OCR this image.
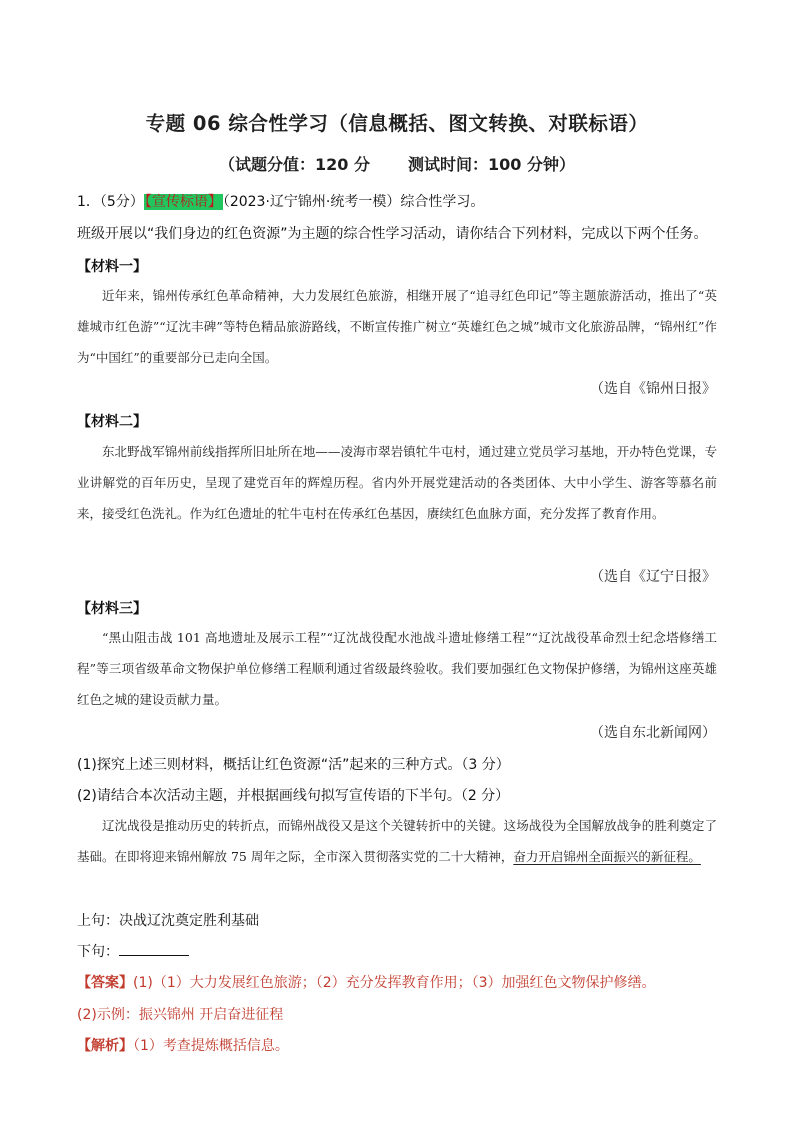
专题 06 综合性学习（信息概括、图文转换、对联标语）
（试题分值：120 分 测试时间：100 分钟）
1．（5分）【宣传标语】（2023·辽宁锦州·统考一模）综合性学习。
班级开展以“我们身边的红色资源”为主题的综合性学习活动，请你结合下列材料，完成以下两个任务。
【材料一】
近年来，锦州传承红色革命精神，大力发展红色旅游，相继开展了“追寻红色印记”等主题旅游活动，推出了“英雄城市红色游”“辽沈丰碑”等特色精品旅游路线，不断宣传推广树立“英雄红色之城”城市文化旅游品牌，“锦州红”作为“中国红”的重要部分已走向全国。
（选自《锦州日报》
【材料二】
东北野战军锦州前线指挥所旧址所在地——凌海市翠岩镇牤牛屯村，通过建立党员学习基地，开办特色党课，专业讲解党的百年历史，呈现了建党百年的辉煌历程。省内外开展党建活动的各类团体、大中小学生、游客等慕名前来，接受红色洗礼。作为红色遗址的牤牛屯村在传承红色基因，赓续红色血脉方面，充分发挥了教育作用。
（选自《辽宁日报》
【材料三】
“黑山阻击战 101 高地遗址及展示工程”“辽沈战役配水池战斗遗址修缮工程”“辽沈战役革命烈士纪念塔修缮工程”等三项省级革命文物保护单位修缮工程顺利通过省级最终验收。我们要加强红色文物保护修缮，为锦州这座英雄红色之城的建设贡献力量。
（选自东北新闻网）
(1)探究上述三则材料，概括让红色资源“活”起来的三种方式。（3 分）
(2)请结合本次活动主题，并根据画线句拟写宣传语的下半句。（2 分）
辽沈战役是推动历史的转折点，而锦州战役又是这个关键转折中的关键。这场战役为全国解放战争的胜利奠定了基础。在即将迎来锦州解放 75 周年之际，全市深入贯彻落实党的二十大精神，奋力开启锦州全面振兴的新征程。
上句：决战辽沈奠定胜利基础
下句：
【答案】(1)（1）大力发展红色旅游；（2）充分发挥教育作用；（3）加强红色文物保护修缮。
(2)示例：振兴锦州 开启奋进征程
【解析】（1）考查提炼概括信息。
